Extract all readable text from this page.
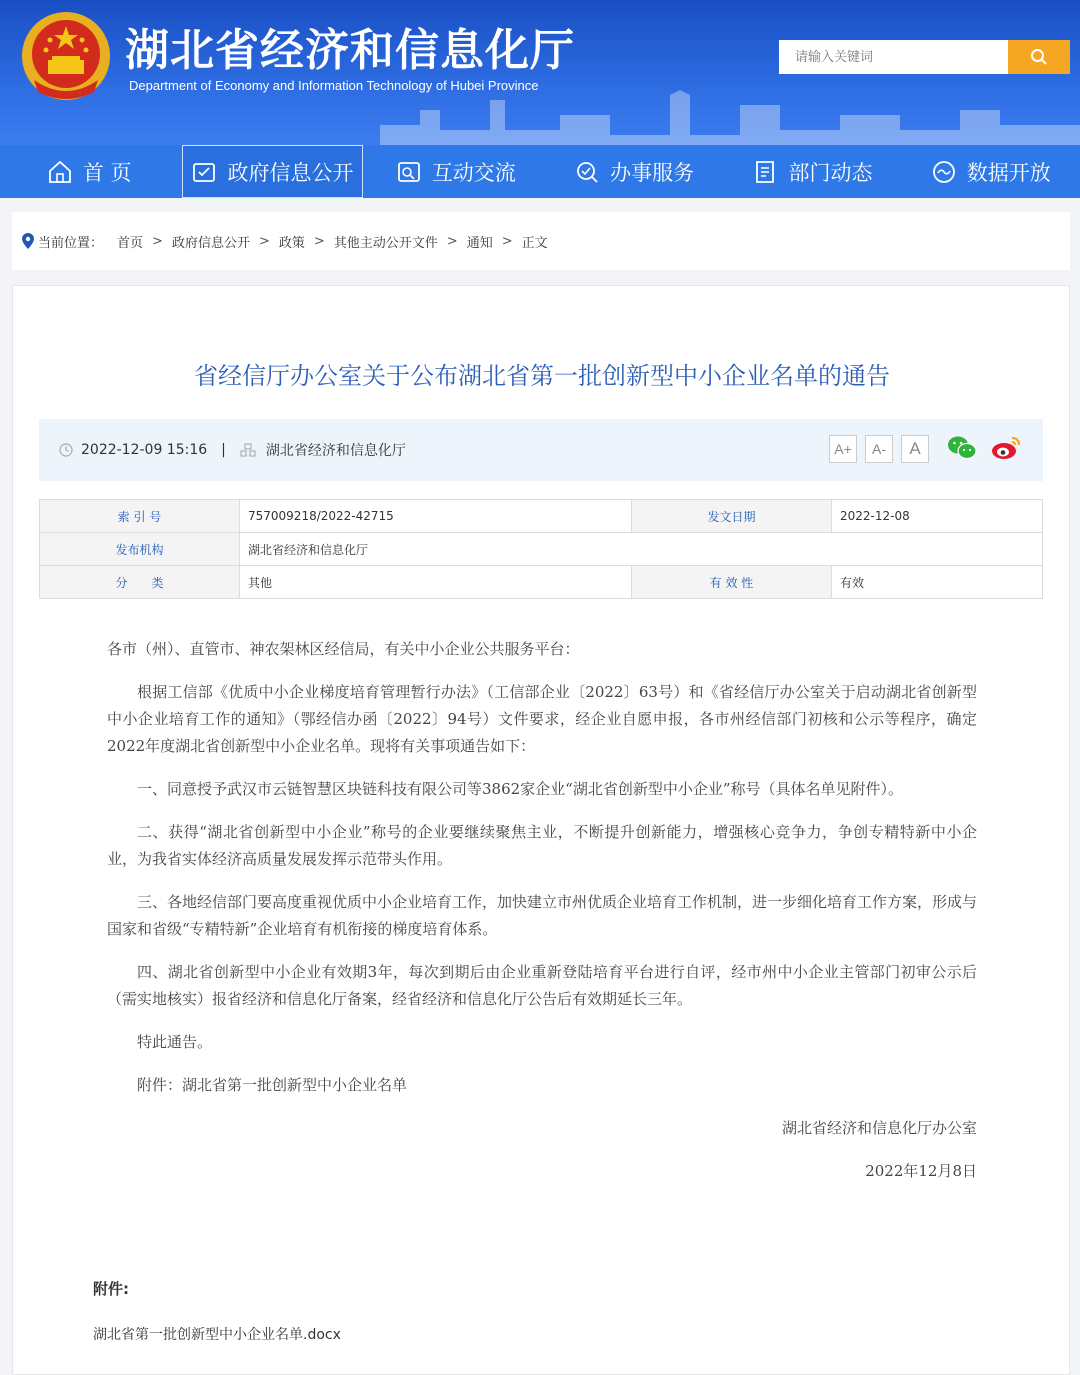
湖北省经济和信息化厅
Department of Economy and Information Technology of Hubei Province
请输入关键词
首 页	政府信息公开	互动交流	办事服务	部门动态	数据开放
当前位置： 首页 > 政府信息公开 > 政策 > 其他主动公开文件 > 通知 > 正文
省经信厅办公室关于公布湖北省第一批创新型中小企业名单的通告
2022-12-09 15:16 |	湖北省经济和信息化厅	A+ A- A
索 引 号	757009218/2022-42715	发文日期	2022-12-08
发布机构	湖北省经济和信息化厅		
分　　类	其他	有 效 性	有效

各市（州）、直管市、神农架林区经信局，有关中小企业公共服务平台：

根据工信部《优质中小企业梯度培育管理暂行办法》（工信部企业〔2022〕63号）和《省经信厅办公室关于启动湖北省创新型中小企业培育工作的通知》（鄂经信办函〔2022〕94号）文件要求，经企业自愿申报，各市州经信部门初核和公示等程序，确定2022年度湖北省创新型中小企业名单。现将有关事项通告如下：

一、同意授予武汉市云链智慧区块链科技有限公司等3862家企业“湖北省创新型中小企业”称号（具体名单见附件）。

二、获得“湖北省创新型中小企业”称号的企业要继续聚焦主业，不断提升创新能力，增强核心竞争力，争创专精特新中小企业，为我省实体经济高质量发展发挥示范带头作用。

三、各地经信部门要高度重视优质中小企业培育工作，加快建立市州优质企业培育工作机制，进一步细化培育工作方案，形成与国家和省级“专精特新”企业培育有机衔接的梯度培育体系。

四、湖北省创新型中小企业有效期3年，每次到期后由企业重新登陆培育平台进行自评，经市州中小企业主管部门初审公示后（需实地核实）报省经济和信息化厅备案，经省经济和信息化厅公告后有效期延长三年。

特此通告。

附件：湖北省第一批创新型中小企业名单

湖北省经济和信息化厅办公室

2022年12月8日

附件:
湖北省第一批创新型中小企业名单.docx
